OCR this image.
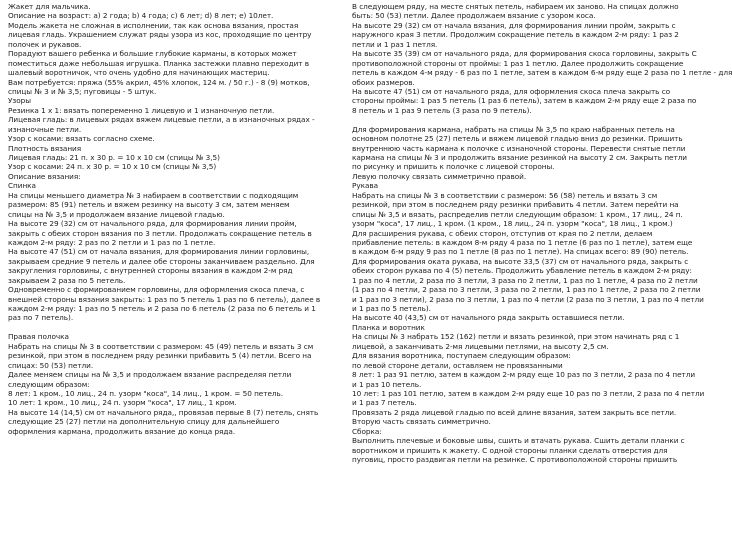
Жакет для мальчика.
Описание на возраст: а) 2 года; b) 4 года; c) 6 лет; d) 8 лет; e) 10лет.
Модель жакета не сложная в исполнении, так как основа вязания, простая
лицевая гладь. Украшением служат ряды узора из кос, проходящие по центру
полочек и рукавов.
Порадуют вашего ребенка и большие глубокие карманы, в которых может
поместиться даже небольшая игрушка. Планка застежки плавно переходит в
шалевый воротничок, что очень удобно для начинающих мастериц.
Вам потребуется: пряжа (55% акрил, 45% хлопок, 124 м. / 50 г.) - 8 (9) мотков,
спицы № 3 и № 3,5; пуговицы - 5 штук.
Узоры
Резинка 1 х 1: вязать попеременно 1 лицевую и 1 изнаночную петли.
Лицевая гладь: в лицевых рядах вяжем лицевые петли, а в изнаночных рядах -
изнаночные петли.
Узор с косами: вязать согласно схеме.
Плотность вязания
Лицевая гладь: 21 п. х 30 р. = 10 х 10 см (спицы № 3,5)
Узор с косами: 24 п. х 30 р. = 10 х 10 см (спицы № 3,5)
Описание вязания:
Спинка
На спицы меньшего диаметра № 3 набираем в соответствии с подходящим
размером: 85 (91) петель и вяжем резинку на высоту 3 см, затем меняем
спицы на № 3,5 и продолжаем вязание лицевой гладью.
На высоте 29 (32) см от начального ряда, для формирования линии пройм,
закрыть с обеих сторон вязания по 3 петли. Продолжать сокращение петель в
каждом 2-м ряду: 2 раз по 2 петли и 1 раз по 1 петле.
На высоте 47 (51) см от начала вязания, для формирования линии горловины,
закрываем средние 9 петель и далее обе стороны заканчиваем раздельно. Для
закругления горловины, с внутренней стороны вязания в каждом 2-м ряд
закрываем 2 раза по 5 петель.
Одновременно с формированием горловины, для оформления скоса плеча, с
внешней стороны вязания закрыть: 1 раз по 5 петель 1 раз по 6 петель), далее в
каждом 2-м ряду: 1 раз по 5 петель и 2 раза по 6 петель (2 раза по 6 петель и 1
раз по 7 петель).
Правая полочка
Набрать на спицы № 3 в соответствии с размером: 45 (49) петель и вязать 3 см
резинкой, при этом в последнем ряду резинки прибавить 5 (4) петли. Всего на
спицах: 50 (53) петли.
Далее меняем спицы на № 3,5 и продолжаем вязание распределяя петли
следующим образом:
8 лет: 1 кром., 10 лиц., 24 п. узорм "коса", 14 лиц., 1 кром. = 50 петель.
10 лет: 1 кром., 10 лиц., 24 п. узорм "коса", 17 лиц., 1 кром.
На высоте 14 (14,5) см от начального ряда,, провязав первые 8 (7) петель, снять
следующие 25 (27) петли на дополнительную спицу для дальнейшего
оформления кармана, продолжить вязание до конца ряда.
В следующем ряду, на месте снятых петель, набираем их заново. На спицах должно
быть: 50 (53) петли. Далее продолжаем вязание с узором коса.
На высоте 29 (32) см от начала вязания, для формирования линии пройм, закрыть с
наружного края 3 петли. Продолжим сокращение петель в каждом 2-м ряду: 1 раз 2
петли и 1 раз 1 петля.
На высоте 35 (39) см от начального ряда, для формирования скоса горловины, закрыть С
противоположной стороны от проймы: 1 раз 1 петлю. Далее продолжить сокращение
петель в каждом 4-м ряду - 6 раз по 1 петле, затем в каждом 6-м ряду еще 2 раза по 1 петле - для
обоих размеров.
На высоте 47 (51) см от начального ряда, для оформления скоса плеча закрыть со
стороны проймы: 1 раз 5 петель (1 раз 6 петель), затем в каждом 2-м ряду еще 2 раза по
8 петель и 1 раз 9 петель (3 раза по 9 петель).
Для формирования кармана, набрать на спицы № 3,5 по краю набранных петель на
основном полотне 25 (27) петель и вяжем лицевой гладью вниз до резинки. Пришить
внутреннюю часть кармана к полочке с изнаночной стороны. Перевести снятые петли
кармана на спицы № 3 и продолжить вязание резинкой на высоту 2 см. Закрыть петли
по рисунку и пришить к полочке с лицевой стороны.
Левую полочку связать симметрично правой.
Рукава
Набрать на спицы № 3 в соответствии с размером: 56 (58) петель и вязать 3 см
резинкой, при этом в последнем ряду резинки прибавить 4 петли. Затем перейти на
спицы № 3,5 и вязать, распределив петли следующим образом: 1 кром., 17 лиц., 24 п.
узорм "коса", 17 лиц., 1 кром. (1 кром., 18 лиц., 24 п. узорм "коса", 18 лиц., 1 кром.)
Для расширения рукава, с обеих сторон, отступив от края по 2 петли, делаем
прибавление петель: в каждом 8-м ряду 4 раза по 1 петле (6 раз по 1 петле), затем еще
в каждом 6-м ряду 9 раз по 1 петле (8 раз по 1 петле). На спицах всего: 89 (90) петель.
Для формирования оката рукава, на высоте 33,5 (37) см от начального ряда, закрыть с
обеих сторон рукава по 4 (5) петель. Продолжить убавление петель в каждом 2-м ряду:
1 раз по 4 петли, 2 раза по 3 петли, 3 раза по 2 петли, 1 раз по 1 петле, 4 раза по 2 петли
(1 раз по 4 петли, 2 раза по 3 петли, 3 раза по 2 петли, 1 раз по 1 петле, 2 раза по 2 петли
и 1 раз по 3 петли), 2 раза по 3 петли, 1 раз по 4 петли (2 раза по 3 петли, 1 раз по 4 петли
и 1 раз по 5 петель).
На высоте 40 (43,5) см от начального ряда закрыть оставшиеся петли.
Планка и воротник
На спицы № 3 набрать 152 (162) петли и вязать резинкой, при этом начинать ряд с 1
лицевой, а заканчивать 2-мя лицевыми петлями, на высоту 2,5 см.
Для вязания воротника, поступаем следующим образом:
по левой стороне детали, оставляем не провязанными
8 лет: 1 раз 91 петлю, затем в каждом 2-м ряду еще 10 раз по 3 петли, 2 раза по 4 петли
и 1 раз 10 петель.
10 лет: 1 раз 101 петлю, затем в каждом 2-м ряду еще 10 раз по 3 петли, 2 раза по 4 петли
и 1 раз 7 петель.
Провязать 2 ряда лицевой гладью по всей длине вязания, затем закрыть все петли.
Вторую часть связать симметрично.
Сборка:
Выполнить плечевые и боковые швы, сшить и втачать рукава. Сшить детали планки с
воротником и пришить к жакету. С одной стороны планки сделать отверстия для
пуговиц, просто раздвигая петли на резинке. С противоположной стороны пришить
